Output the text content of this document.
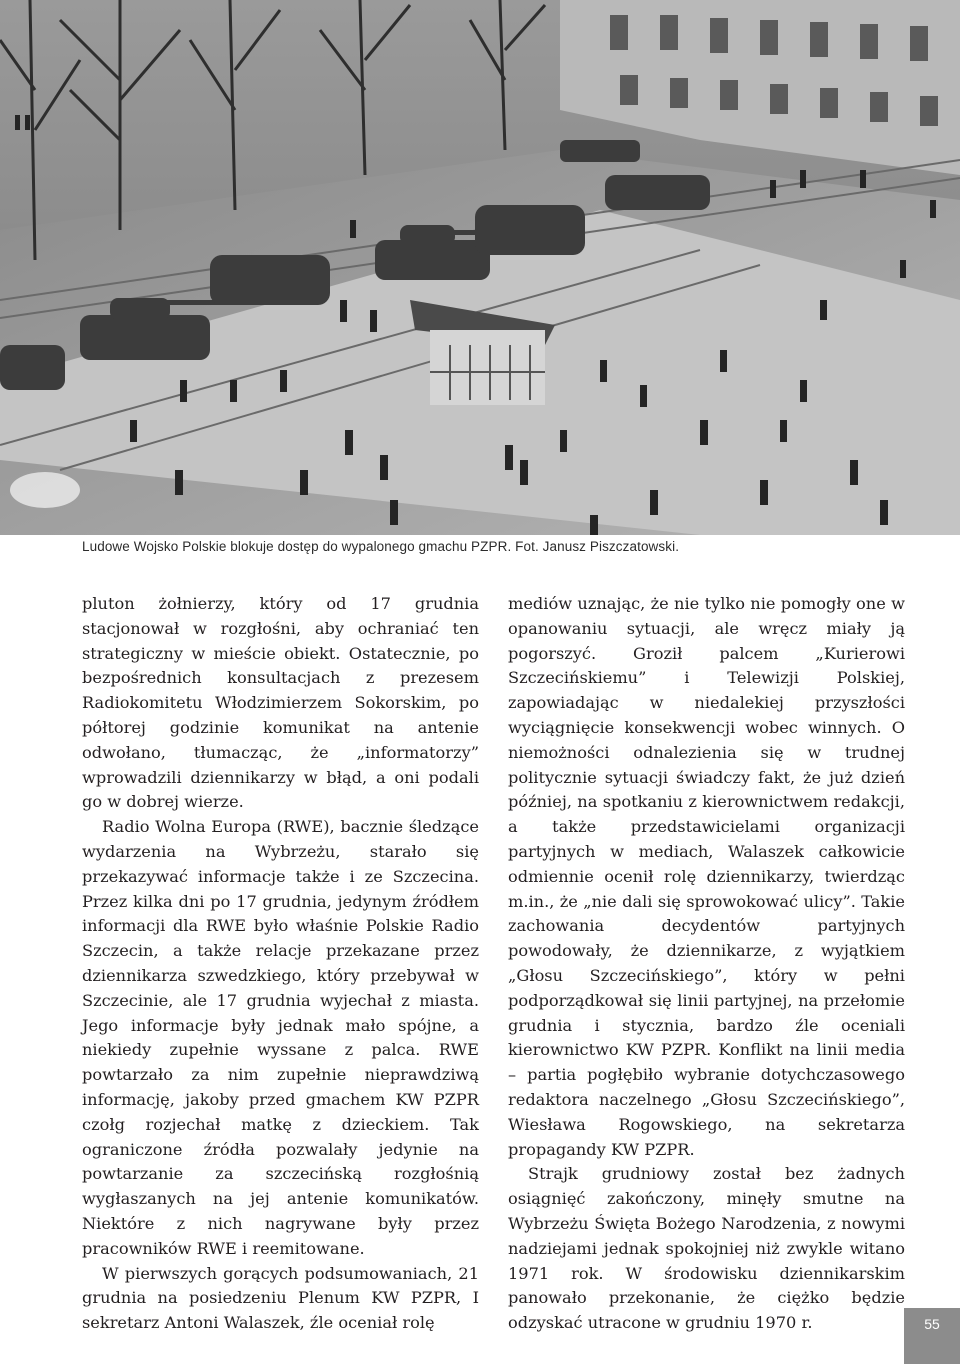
Ludowe Wojsko Polskie blokuje dostęp do wypalonego gmachu PZPR. Fot. Janusz Piszczatowski.

pluton żołnierzy, który od 17 grudnia stacjonował w rozgłośni, aby ochraniać ten strategiczny w mieście obiekt. Ostatecznie, po bezpośrednich konsultacjach z prezesem Radiokomitetu Włodzimierzem Sokorskim, po półtorej godzinie komunikat na antenie odwołano, tłumacząc, że „informatorzy” wprowadzili dziennikarzy w błąd, a oni podali go w dobrej wierze.

Radio Wolna Europa (RWE), bacznie śledzące wydarzenia na Wybrzeżu, starało się przekazywać informacje także i ze Szczecina. Przez kilka dni po 17 grudnia, jedynym źródłem informacji dla RWE było właśnie Polskie Radio Szczecin, a także relacje przekazane przez dziennikarza szwedzkiego, który przebywał w Szczecinie, ale 17 grudnia wyjechał z miasta. Jego informacje były jednak mało spójne, a niekiedy zupełnie wyssane z palca. RWE powtarzało za nim zupełnie nieprawdziwą informację, jakoby przed gmachem KW PZPR czołg rozjechał matkę z dzieckiem. Tak ograniczone źródła pozwalały jedynie na powtarzanie za szczecińską rozgłośnią wygłaszanych na jej antenie komunikatów. Niektóre z nich nagrywane były przez pracowników RWE i reemitowane.

W pierwszych gorących podsumowaniach, 21 grudnia na posiedzeniu Plenum KW PZPR, I sekretarz Antoni Walaszek, źle oceniał rolę

mediów uznając, że nie tylko nie pomogły one w opanowaniu sytuacji, ale wręcz miały ją pogorszyć. Groził palcem „Kurierowi Szczecińskiemu” i Telewizji Polskiej, zapowiadając w niedalekiej przyszłości wyciągnięcie konsekwencji wobec winnych. O niemożności odnalezienia się w trudnej politycznie sytuacji świadczy fakt, że już dzień później, na spotkaniu z kierownictwem redakcji, a także przedstawicielami organizacji partyjnych w mediach, Walaszek całkowicie odmiennie ocenił rolę dziennikarzy, twierdząc m.in., że „nie dali się sprowokować ulicy”. Takie zachowania decydentów partyjnych powodowały, że dziennikarze, z wyjątkiem „Głosu Szczecińskiego”, który w pełni podporządkował się linii partyjnej, na przełomie grudnia i stycznia, bardzo źle oceniali kierownictwo KW PZPR. Konflikt na linii media – partia pogłębiło wybranie dotychczasowego redaktora naczelnego „Głosu Szczecińskiego”, Wiesława Rogowskiego, na sekretarza propagandy KW PZPR.

Strajk grudniowy został bez żadnych osiągnięć zakończony, minęły smutne na Wybrzeżu Święta Bożego Narodzenia, z nowymi nadziejami jednak spokojniej niż zwykle witano 1971 rok. W środowisku dziennikarskim panowało przekonanie, że ciężko będzie odzyskać utracone w grudniu 1970 r.	55
